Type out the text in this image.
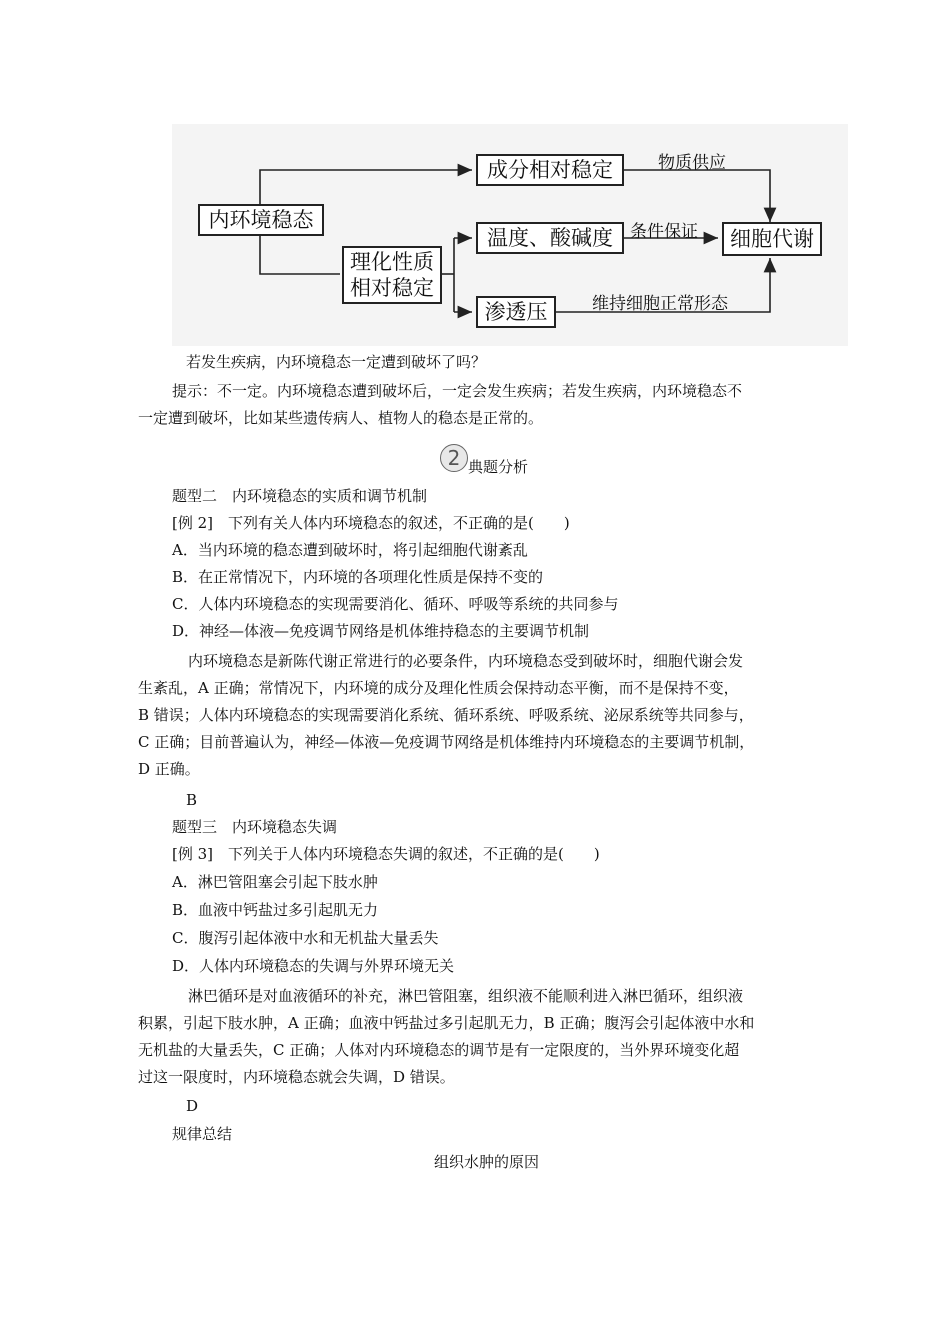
内环境稳态
成分相对稳定
理化性质
相对稳定
温度、酸碱度
渗透压
细胞代谢
物质供应
条件保证
维持细胞正常形态
若发生疾病，内环境稳态一定遭到破坏了吗？
提示：不一定。内环境稳态遭到破坏后，一定会发生疾病；若发生疾病，内环境稳态不
一定遭到破坏，比如某些遗传病人、植物人的稳态是正常的。
2 典题分析
题型二　内环境稳态的实质和调节机制
[例 2]　下列有关人体内环境稳态的叙述，不正确的是(　　)
A．当内环境的稳态遭到破坏时，将引起细胞代谢紊乱
B．在正常情况下，内环境的各项理化性质是保持不变的
C．人体内环境稳态的实现需要消化、循环、呼吸等系统的共同参与
D．神经—体液—免疫调节网络是机体维持稳态的主要调节机制
内环境稳态是新陈代谢正常进行的必要条件，内环境稳态受到破坏时，细胞代谢会发
生紊乱，A 正确；常情况下，内环境的成分及理化性质会保持动态平衡，而不是保持不变，
B 错误；人体内环境稳态的实现需要消化系统、循环系统、呼吸系统、泌尿系统等共同参与，
C 正确；目前普遍认为，神经—体液—免疫调节网络是机体维持内环境稳态的主要调节机制，
D 正确。
B
题型三　内环境稳态失调
[例 3]　下列关于人体内环境稳态失调的叙述，不正确的是(　　)
A．淋巴管阻塞会引起下肢水肿
B．血液中钙盐过多引起肌无力
C．腹泻引起体液中水和无机盐大量丢失
D．人体内环境稳态的失调与外界环境无关
淋巴循环是对血液循环的补充，淋巴管阻塞，组织液不能顺利进入淋巴循环，组织液
积累，引起下肢水肿，A 正确；血液中钙盐过多引起肌无力，B 正确；腹泻会引起体液中水和
无机盐的大量丢失，C 正确；人体对内环境稳态的调节是有一定限度的，当外界环境变化超
过这一限度时，内环境稳态就会失调，D 错误。
D
规律总结
组织水肿的原因
